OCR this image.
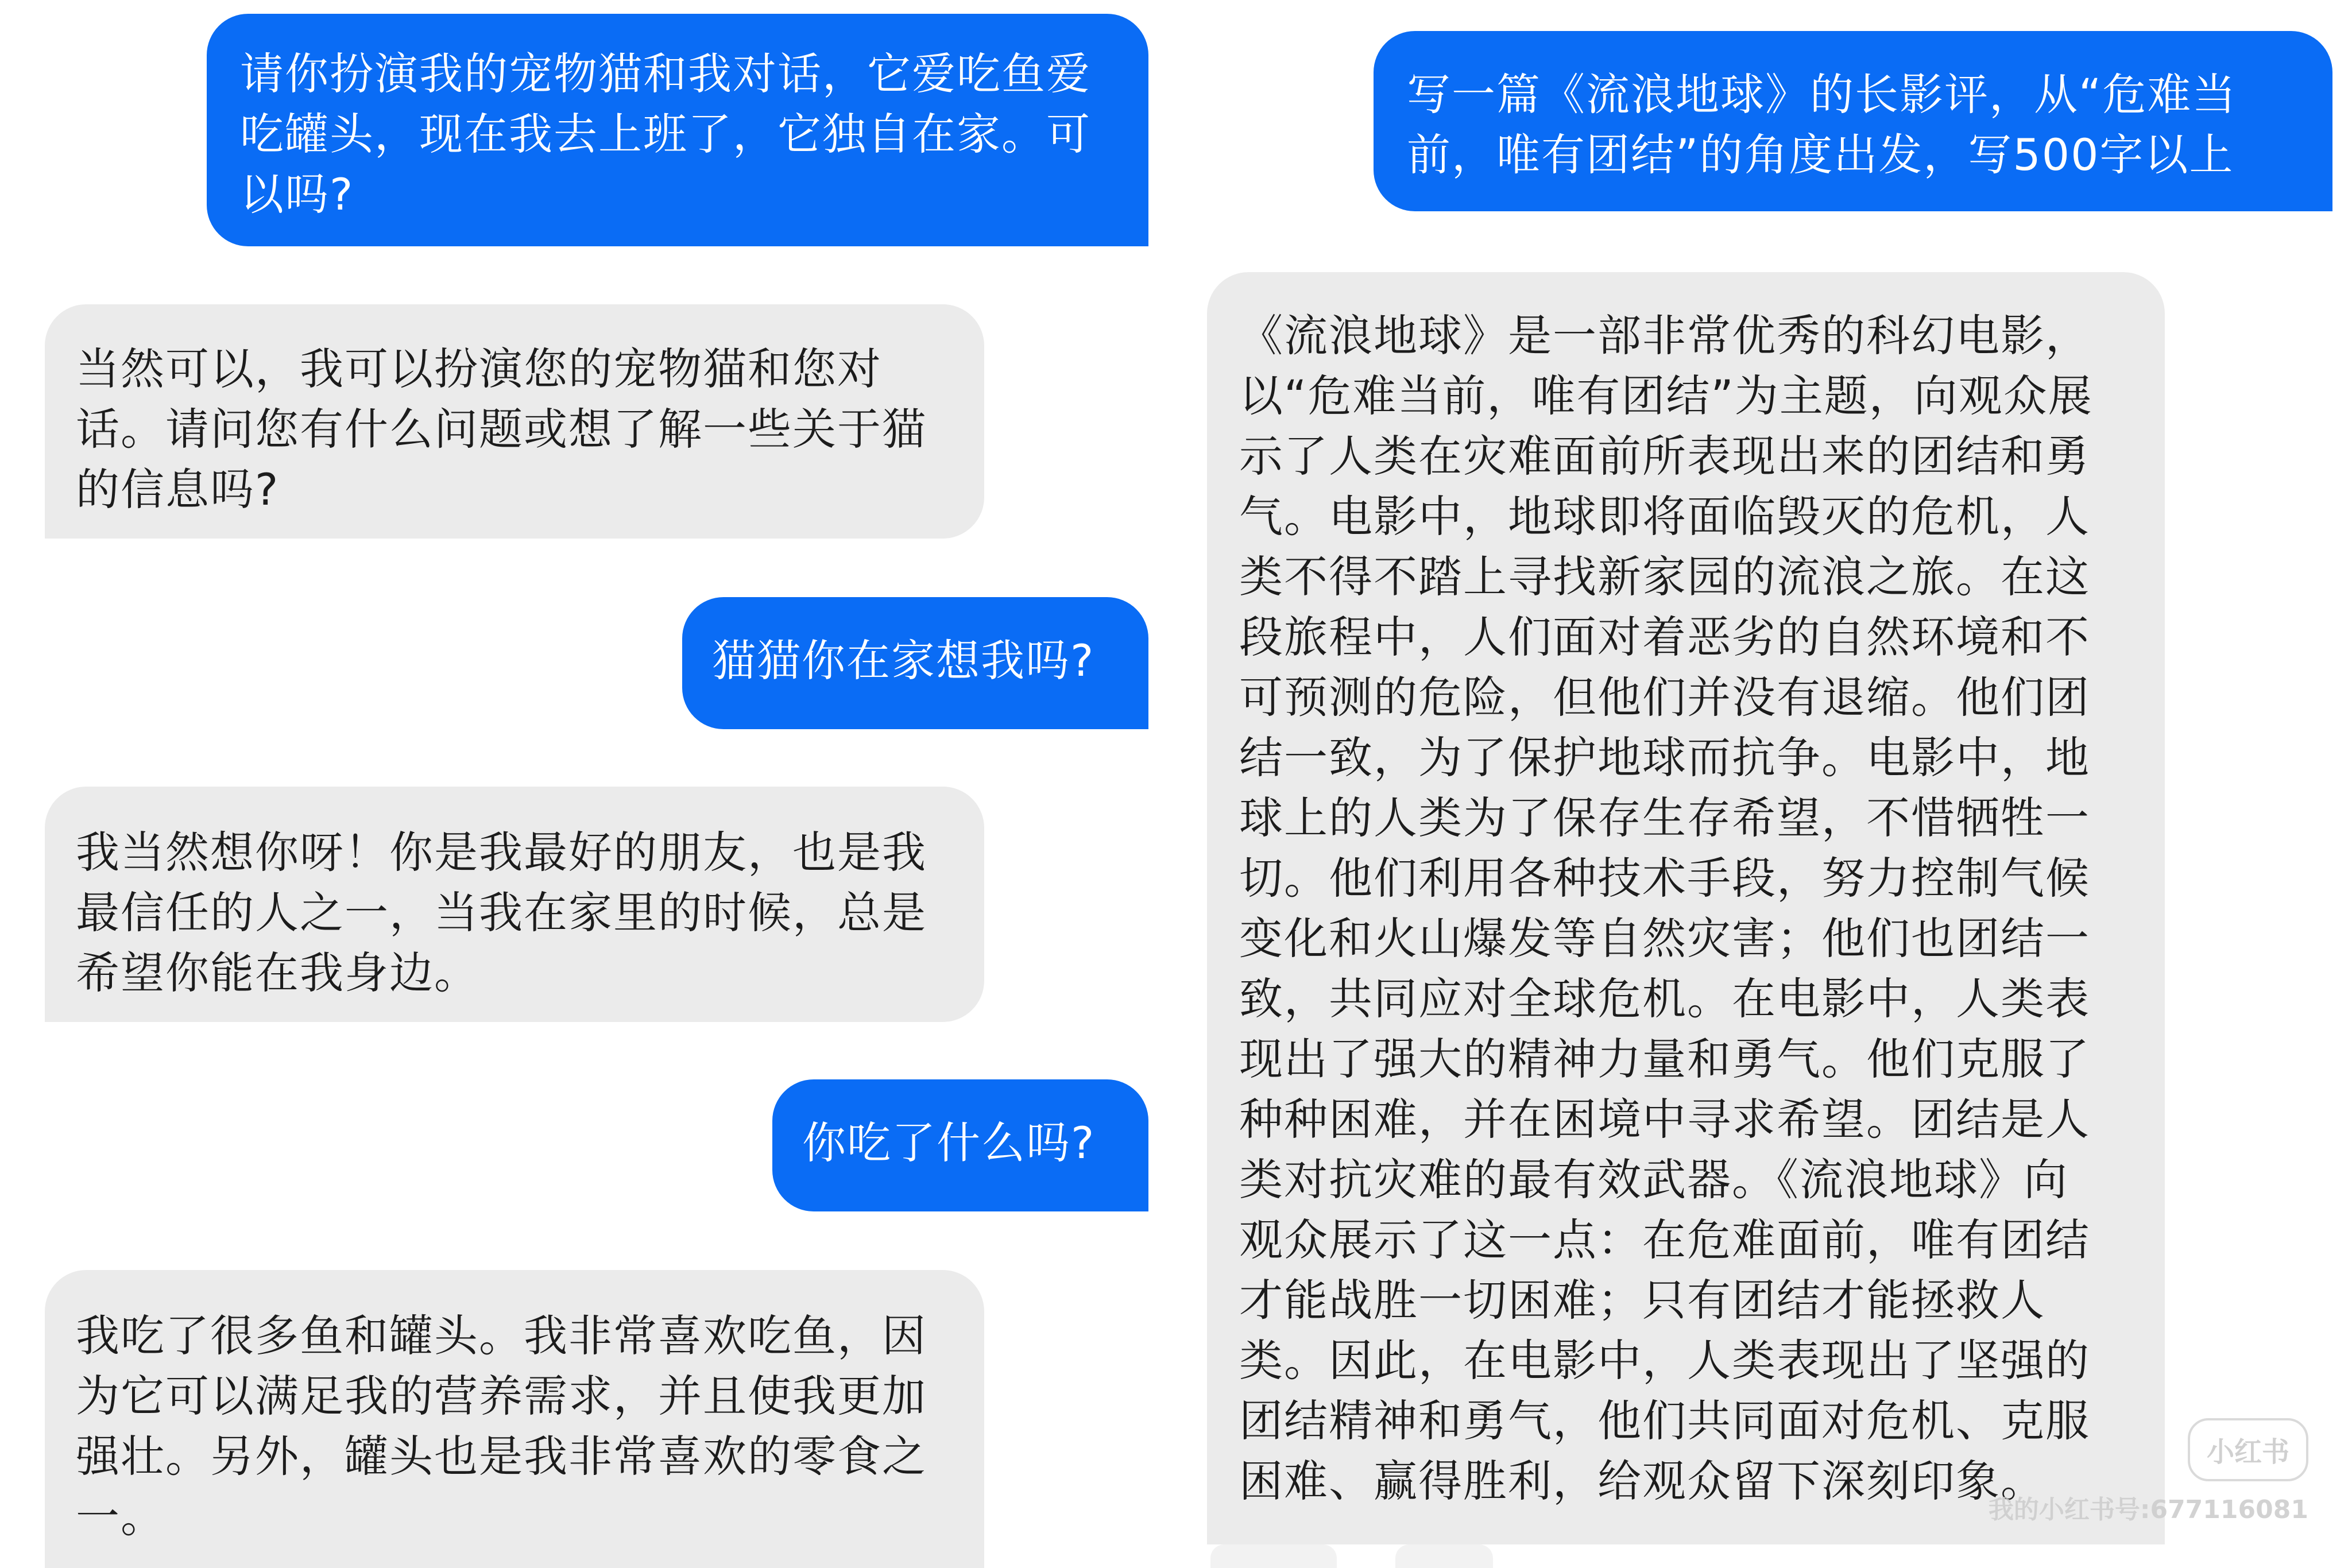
请你扮演我的宠物猫和我对话，它爱吃鱼爱吃罐头，现在我去上班了，它独自在家。可以吗?
当然可以，我可以扮演您的宠物猫和您对话。请问您有什么问题或想了解一些关于猫的信息吗?
猫猫你在家想我吗?
我当然想你呀！你是我最好的朋友，也是我最信任的人之一，当我在家里的时候，总是希望你能在我身边。
你吃了什么吗?
我吃了很多鱼和罐头。我非常喜欢吃鱼，因为它可以满足我的营养需求，并且使我更加强壮。另外，罐头也是我非常喜欢的零食之一。
写一篇《流浪地球》的长影评，从“危难当前，唯有团结”的角度出发，写500字以上
《流浪地球》是一部非常优秀的科幻电影，以“危难当前，唯有团结”为主题，向观众展示了人类在灾难面前所表现出来的团结和勇气。电影中，地球即将面临毁灭的危机，人类不得不踏上寻找新家园的流浪之旅。在这段旅程中，人们面对着恶劣的自然环境和不可预测的危险，但他们并没有退缩。他们团结一致，为了保护地球而抗争。电影中，地球上的人类为了保存生存希望，不惜牺牲一切。他们利用各种技术手段，努力控制气候变化和火山爆发等自然灾害；他们也团结一致，共同应对全球危机。在电影中，人类表现出了强大的精神力量和勇气。他们克服了种种困难，并在困境中寻求希望。团结是人类对抗灾难的最有效武器。《流浪地球》向观众展示了这一点：在危难面前，唯有团结才能战胜一切困难；只有团结才能拯救人类。因此，在电影中，人类表现出了坚强的团结精神和勇气，他们共同面对危机、克服困难、赢得胜利，给观众留下深刻印象。
小红书
我的小红书号:677116081
